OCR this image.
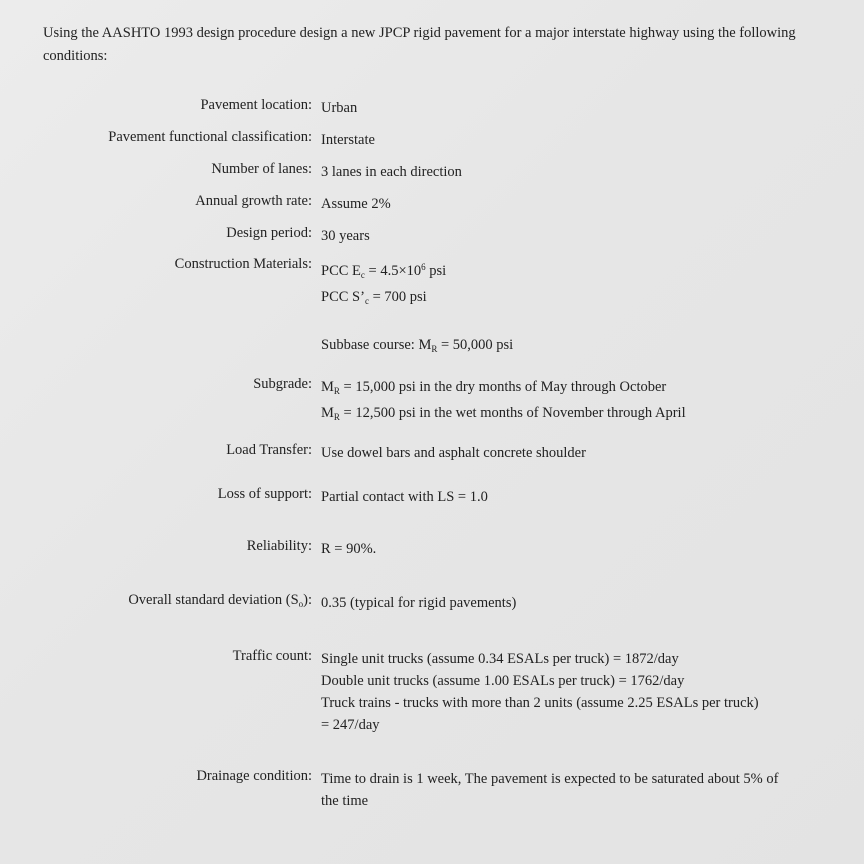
Using the AASHTO 1993 design procedure design a new JPCP rigid pavement for a major interstate highway using the following conditions:
Pavement location: Urban
Pavement functional classification: Interstate
Number of lanes: 3 lanes in each direction
Annual growth rate: Assume 2%
Design period: 30 years
Construction Materials: PCC $E_c = 4.5\times 10^6$ psi
PCC $S’_c = 700$ psi
Subbase course: $M_R = 50,000$ psi
Subgrade: $M_R = 15,000$ psi in the dry months of May through October
$M_R = 12,500$ psi in the wet months of November through April
Load Transfer: Use dowel bars and asphalt concrete shoulder
Loss of support: Partial contact with LS = 1.0
Reliability: R = 90%.
Overall standard deviation $(S_o)$: 0.35 (typical for rigid pavements)
Traffic count: Single unit trucks (assume 0.34 ESALs per truck) = 1872/day
Double unit trucks (assume 1.00 ESALs per truck) = 1762/day
Truck trains - trucks with more than 2 units (assume 2.25 ESALs per truck) = 247/day
Drainage condition: Time to drain is 1 week, The pavement is expected to be saturated about 5% of the time
